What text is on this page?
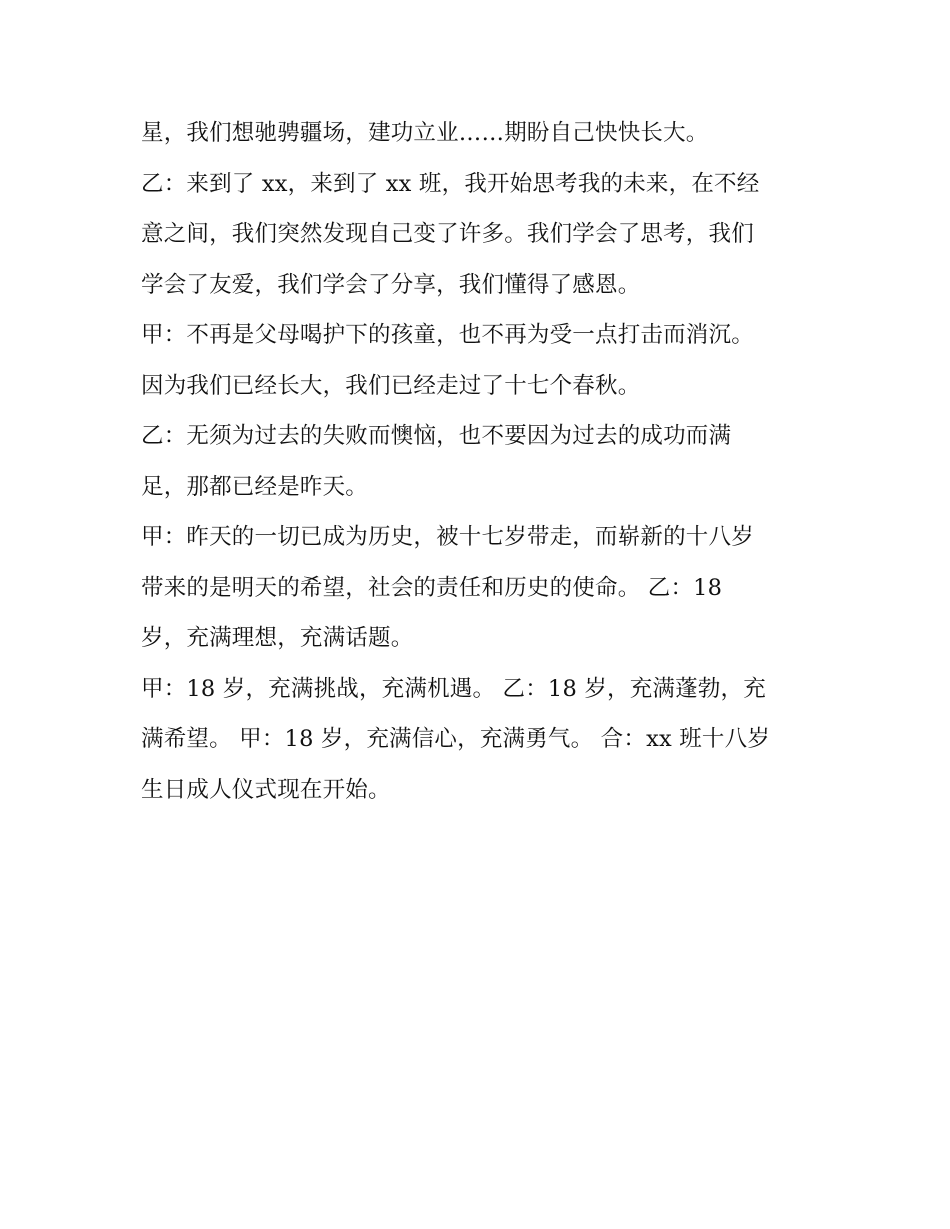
星，我们想驰骋疆场，建功立业……期盼自己快快长大。
乙：来到了 xx，来到了 xx 班，我开始思考我的未来，在不经
意之间，我们突然发现自己变了许多。我们学会了思考，我们
学会了友爱，我们学会了分享，我们懂得了感恩。
甲：不再是父母喝护下的孩童，也不再为受一点打击而消沉。
因为我们已经长大，我们已经走过了十七个春秋。
乙：无须为过去的失败而懊恼，也不要因为过去的成功而满
足，那都已经是昨天。
甲：昨天的一切已成为历史，被十七岁带走，而崭新的十八岁
带来的是明天的希望，社会的责任和历史的使命。 乙：18
岁，充满理想，充满话题。
甲：18 岁，充满挑战，充满机遇。 乙：18 岁，充满蓬勃，充
满希望。 甲：18 岁，充满信心，充满勇气。 合：xx 班十八岁
生日成人仪式现在开始。
